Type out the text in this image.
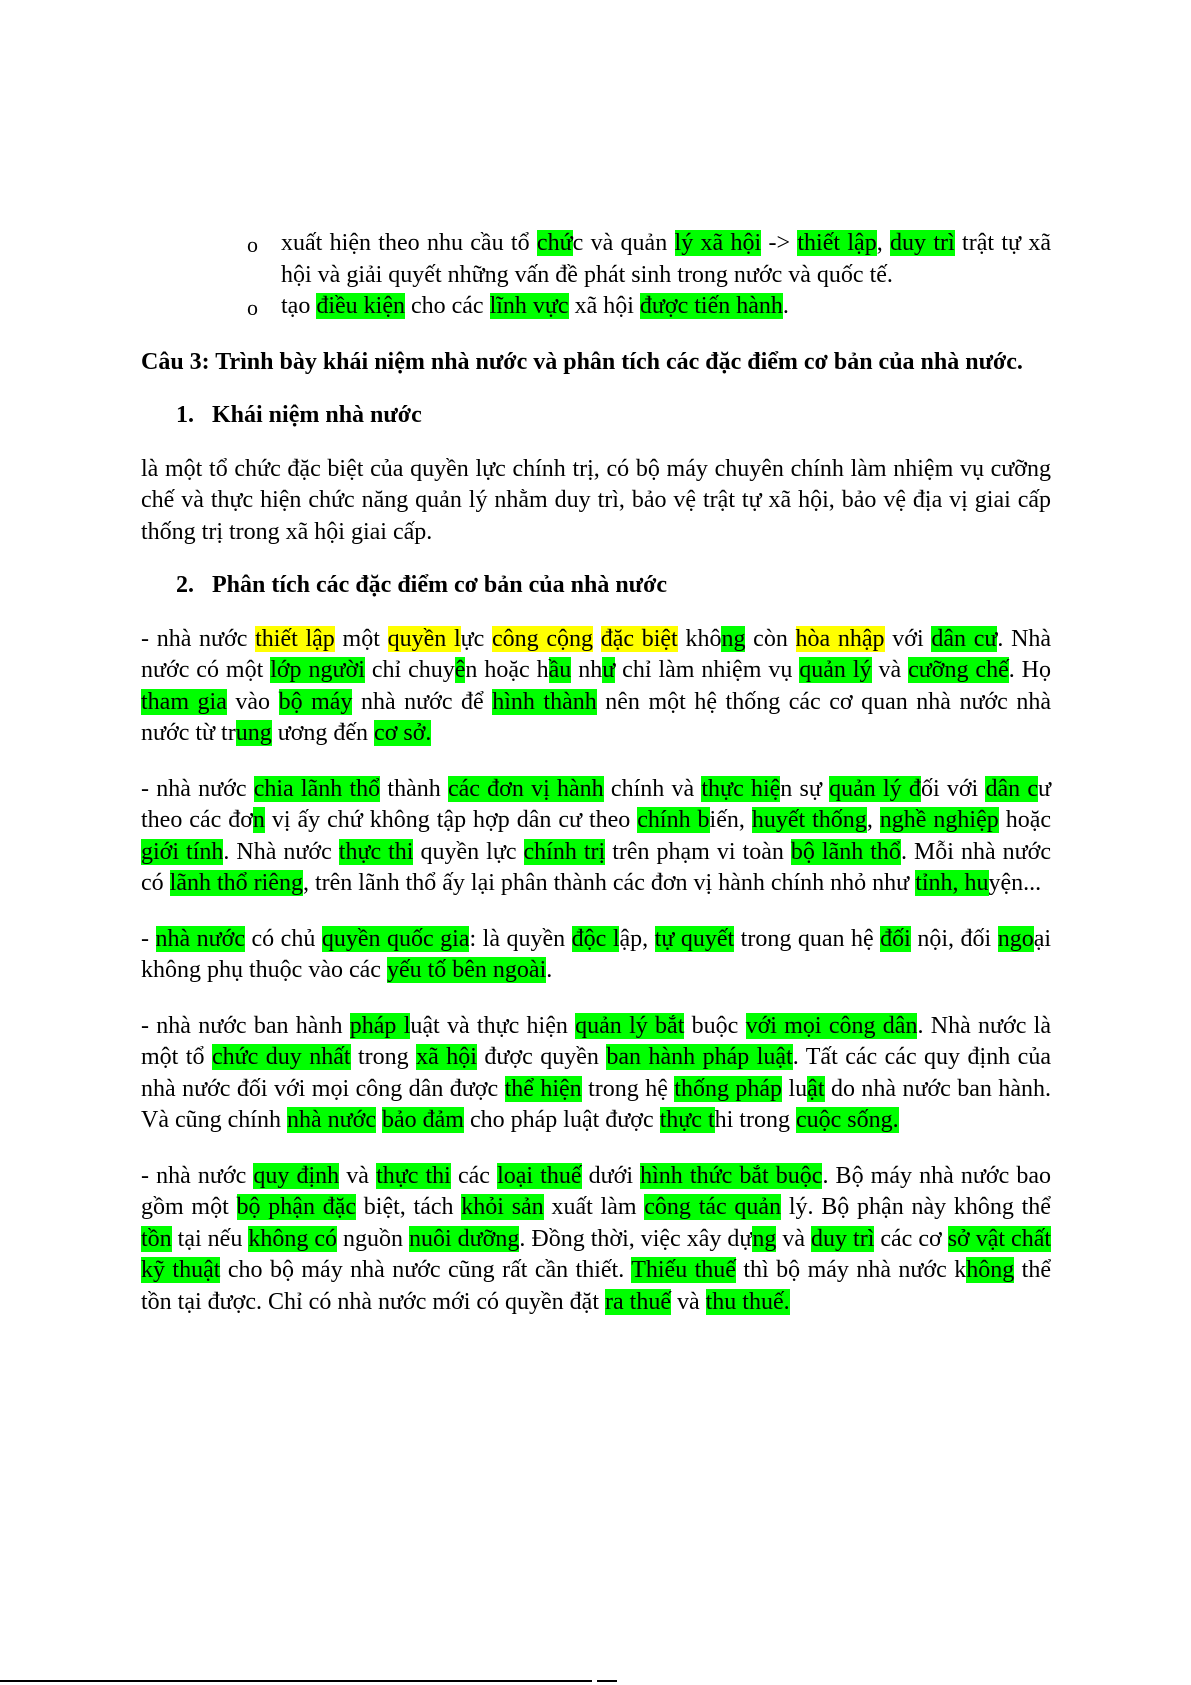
o xuất hiện theo nhu cầu tổ chức và quản lý xã hội -> thiết lập, duy trì trật tự xã hội và giải quyết những vấn đề phát sinh trong nước và quốc tế.
o tạo điều kiện cho các lĩnh vực xã hội được tiến hành.

Câu 3: Trình bày khái niệm nhà nước và phân tích các đặc điểm cơ bản của nhà nước.

1. Khái niệm nhà nước

là một tổ chức đặc biệt của quyền lực chính trị, có bộ máy chuyên chính làm nhiệm vụ cưỡng chế và thực hiện chức năng quản lý nhằm duy trì, bảo vệ trật tự xã hội, bảo vệ địa vị giai cấp thống trị trong xã hội giai cấp.

2. Phân tích các đặc điểm cơ bản của nhà nước

- nhà nước thiết lập một quyền lực công cộng đặc biệt không còn hòa nhập với dân cư. Nhà nước có một lớp người chỉ chuyên hoặc hầu như chỉ làm nhiệm vụ quản lý và cưỡng chế. Họ tham gia vào bộ máy nhà nước để hình thành nên một hệ thống các cơ quan nhà nước nhà nước từ trung ương đến cơ sở.

- nhà nước chia lãnh thổ thành các đơn vị hành chính và thực hiện sự quản lý đối với dân cư theo các đơn vị ấy chứ không tập hợp dân cư theo chính biến, huyết thống, nghề nghiệp hoặc giới tính. Nhà nước thực thi quyền lực chính trị trên phạm vi toàn bộ lãnh thổ. Mỗi nhà nước có lãnh thổ riêng, trên lãnh thổ ấy lại phân thành các đơn vị hành chính nhỏ như tỉnh, huyện...

- nhà nước có chủ quyền quốc gia: là quyền độc lập, tự quyết trong quan hệ đối nội, đối ngoại không phụ thuộc vào các yếu tố bên ngoài.

- nhà nước ban hành pháp luật và thực hiện quản lý bắt buộc với mọi công dân. Nhà nước là một tổ chức duy nhất trong xã hội được quyền ban hành pháp luật. Tất các các quy định của nhà nước đối với mọi công dân được thể hiện trong hệ thống pháp luật do nhà nước ban hành. Và cũng chính nhà nước bảo đảm cho pháp luật được thực thi trong cuộc sống.

- nhà nước quy định và thực thi các loại thuế dưới hình thức bắt buộc. Bộ máy nhà nước bao gồm một bộ phận đặc biệt, tách khỏi sản xuất làm công tác quản lý. Bộ phận này không thể tồn tại nếu không có nguồn nuôi dưỡng. Đồng thời, việc xây dựng và duy trì các cơ sở vật chất kỹ thuật cho bộ máy nhà nước cũng rất cần thiết. Thiếu thuế thì bộ máy nhà nước không thể tồn tại được. Chỉ có nhà nước mới có quyền đặt ra thuế và thu thuế.
